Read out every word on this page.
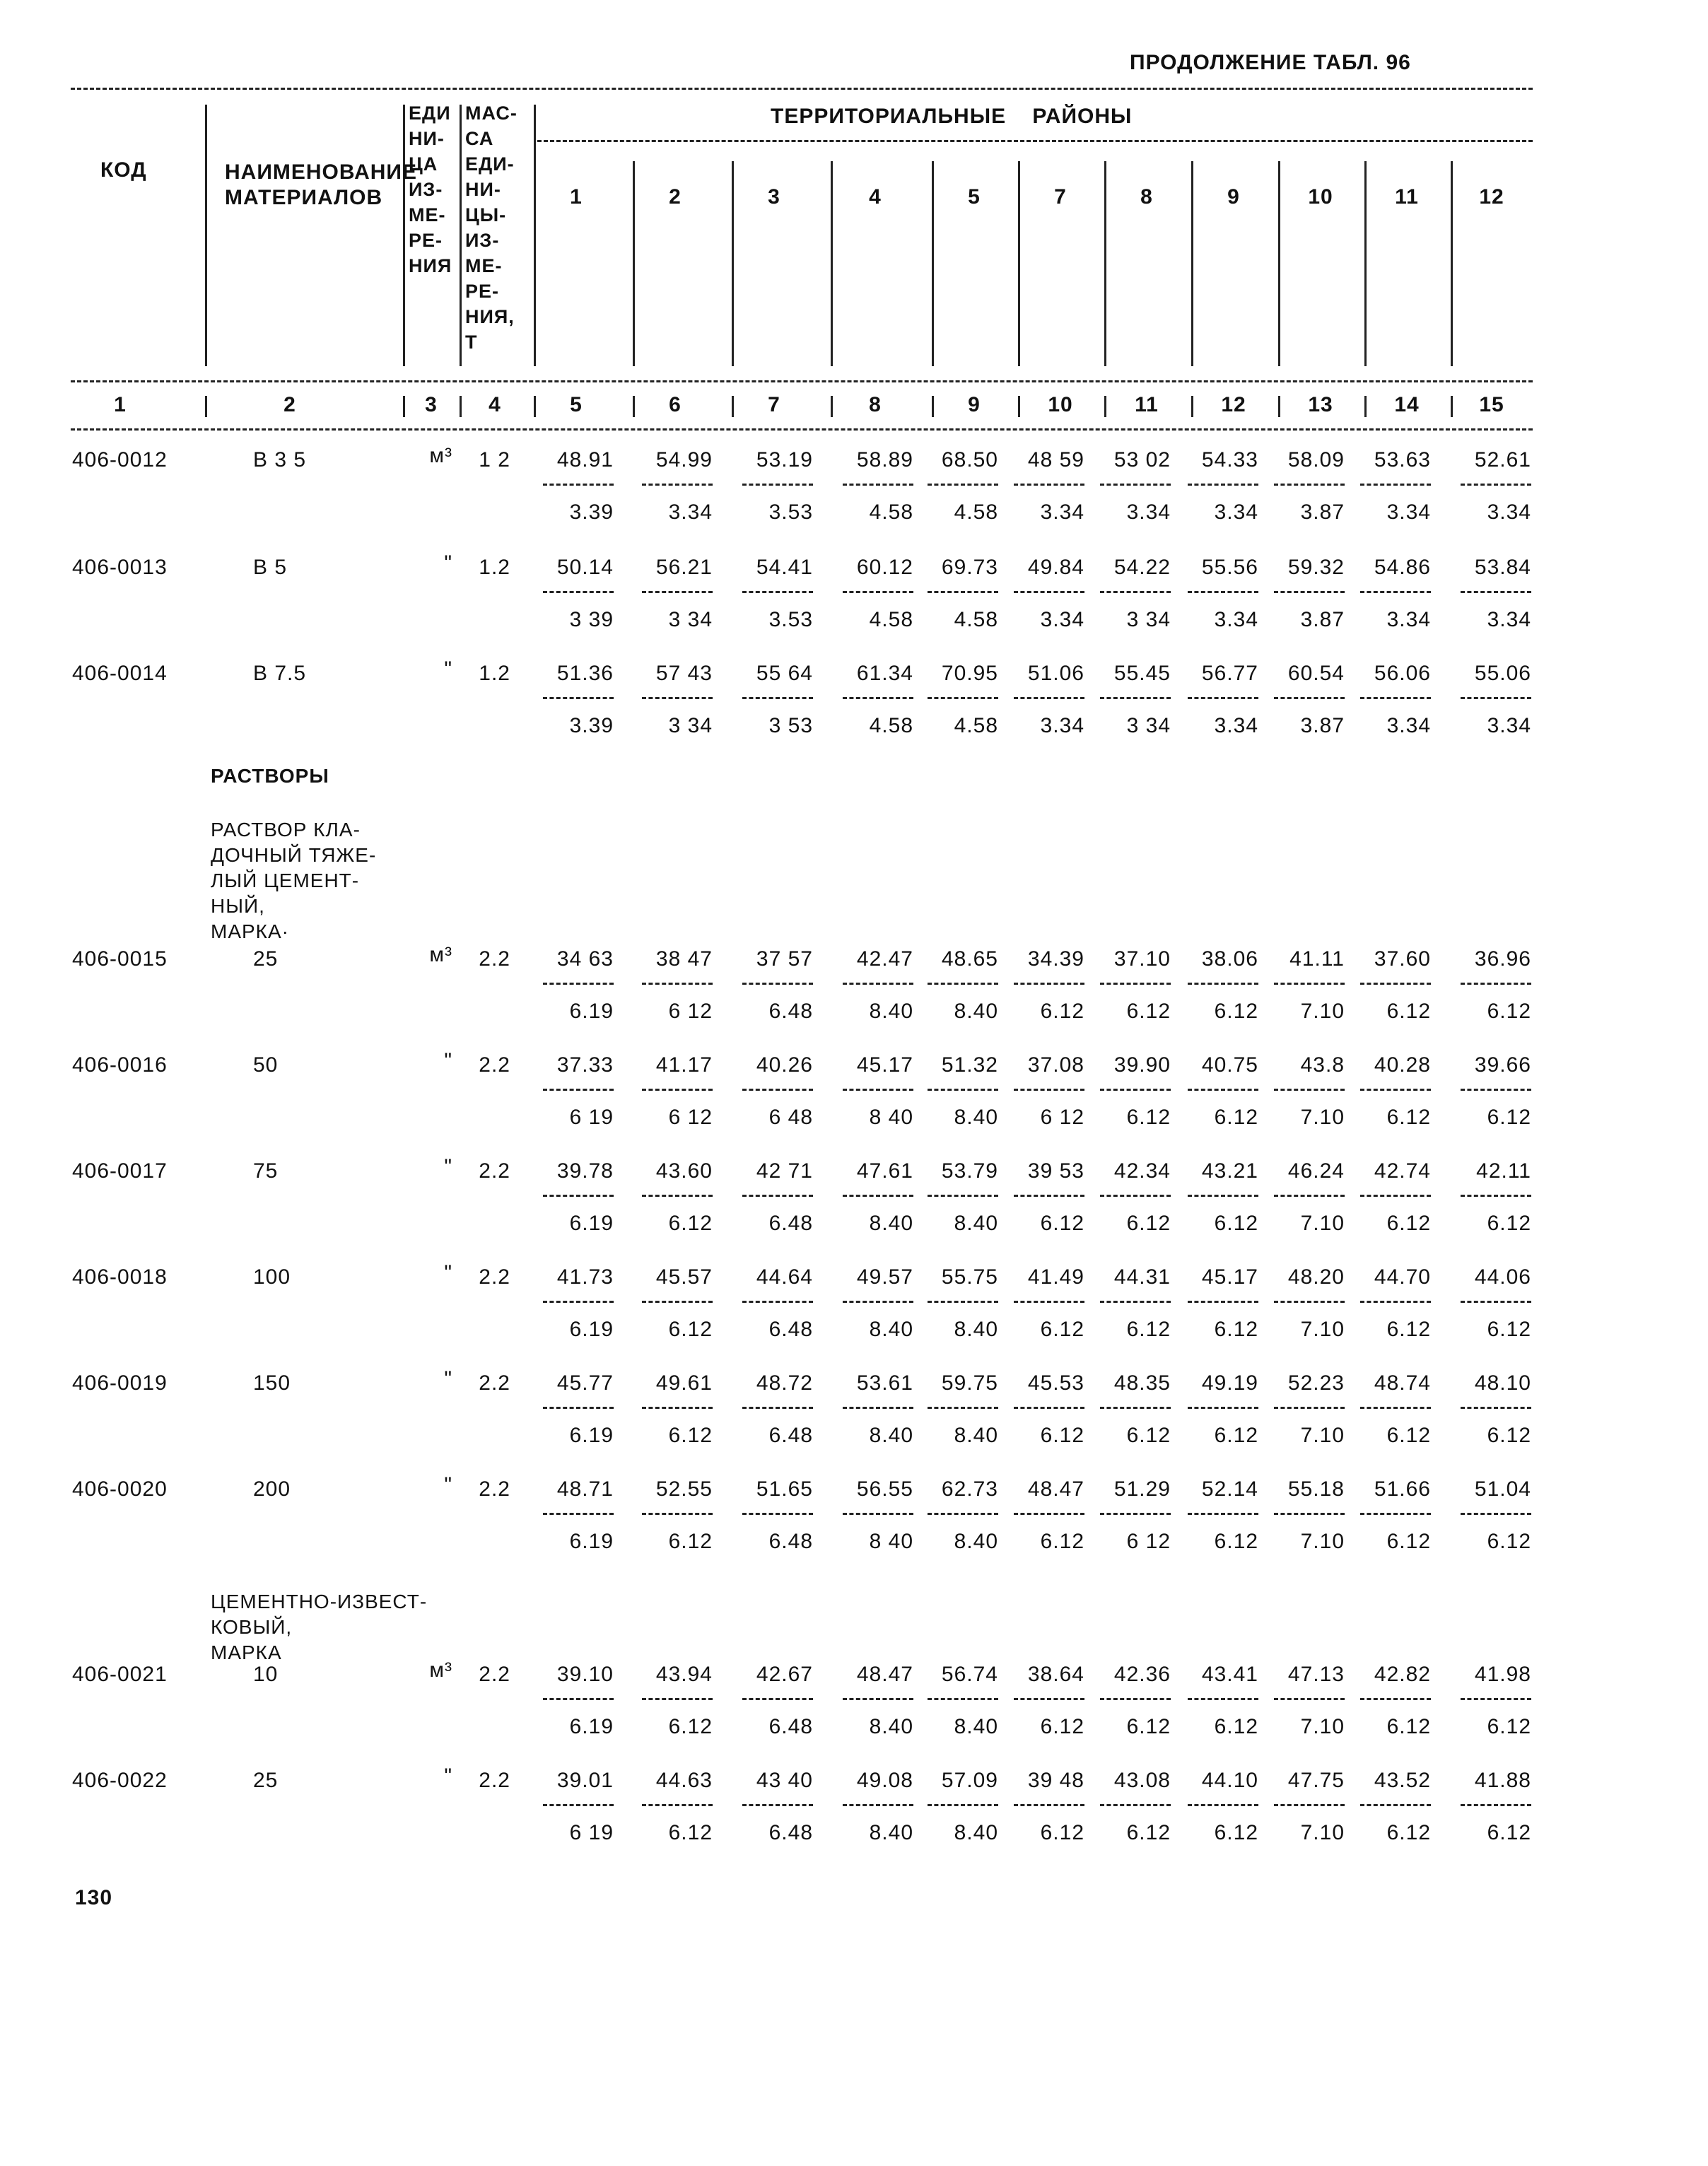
ПРОДОЛЖЕНИЕ ТАБЛ. 96
КОД	НАИМЕНОВАНИЕ
МАТЕРИАЛОВ
ЕДИ
НИ-
ЦА
ИЗ-
МЕ-
РЕ-
НИЯ
МАС-
СА
ЕДИ-
НИ-
ЦЫ-
ИЗ-
МЕ-
РЕ-
НИЯ,
Т
ТЕРРИТОРИАЛЬНЫЕ    РАЙОНЫ
1	2	3	4	5	7	8	9	10	11	12
1	2	3	4	5	6	7	8	9	10	11	12	13	14	15
РАСТВОРЫ
РАСТВОР КЛА-
ДОЧНЫЙ ТЯЖЕ-
ЛЫЙ ЦЕМЕНТ-
НЫЙ,
МАРКА·
ЦЕМЕНТНО-ИЗВЕСТ-
КОВЫЙ,
МАРКА
406-0012	В 3 5	м³	1 2	48.91	54.99	53.19	58.89	68.50	48 59	53 02	54.33	58.09	53.63	52.61
3.39	3.34	3.53	4.58	4.58	3.34	3.34	3.34	3.87	3.34	3.34
406-0013	В 5	"	1.2	50.14	56.21	54.41	60.12	69.73	49.84	54.22	55.56	59.32	54.86	53.84
3 39	3 34	3.53	4.58	4.58	3.34	3 34	3.34	3.87	3.34	3.34
406-0014	В 7.5	"	1.2	51.36	57 43	55 64	61.34	70.95	51.06	55.45	56.77	60.54	56.06	55.06
3.39	3 34	3 53	4.58	4.58	3.34	3 34	3.34	3.87	3.34	3.34
406-0015	25	м³	2.2	34 63	38 47	37 57	42.47	48.65	34.39	37.10	38.06	41.11	37.60	36.96
6.19	6 12	6.48	8.40	8.40	6.12	6.12	6.12	7.10	6.12	6.12
406-0016	50	"	2.2	37.33	41.17	40.26	45.17	51.32	37.08	39.90	40.75	43.8	40.28	39.66
6 19	6 12	6 48	8 40	8.40	6 12	6.12	6.12	7.10	6.12	6.12
406-0017	75	"	2.2	39.78	43.60	42 71	47.61	53.79	39 53	42.34	43.21	46.24	42.74	42.11
6.19	6.12	6.48	8.40	8.40	6.12	6.12	6.12	7.10	6.12	6.12
406-0018	100	"	2.2	41.73	45.57	44.64	49.57	55.75	41.49	44.31	45.17	48.20	44.70	44.06
6.19	6.12	6.48	8.40	8.40	6.12	6.12	6.12	7.10	6.12	6.12
406-0019	150	"	2.2	45.77	49.61	48.72	53.61	59.75	45.53	48.35	49.19	52.23	48.74	48.10
6.19	6.12	6.48	8.40	8.40	6.12	6.12	6.12	7.10	6.12	6.12
406-0020	200	"	2.2	48.71	52.55	51.65	56.55	62.73	48.47	51.29	52.14	55.18	51.66	51.04
6.19	6.12	6.48	8 40	8.40	6.12	6 12	6.12	7.10	6.12	6.12
406-0021	10	м³	2.2	39.10	43.94	42.67	48.47	56.74	38.64	42.36	43.41	47.13	42.82	41.98
6.19	6.12	6.48	8.40	8.40	6.12	6.12	6.12	7.10	6.12	6.12
406-0022	25	"	2.2	39.01	44.63	43 40	49.08	57.09	39 48	43.08	44.10	47.75	43.52	41.88
6 19	6.12	6.48	8.40	8.40	6.12	6.12	6.12	7.10	6.12	6.12
130
